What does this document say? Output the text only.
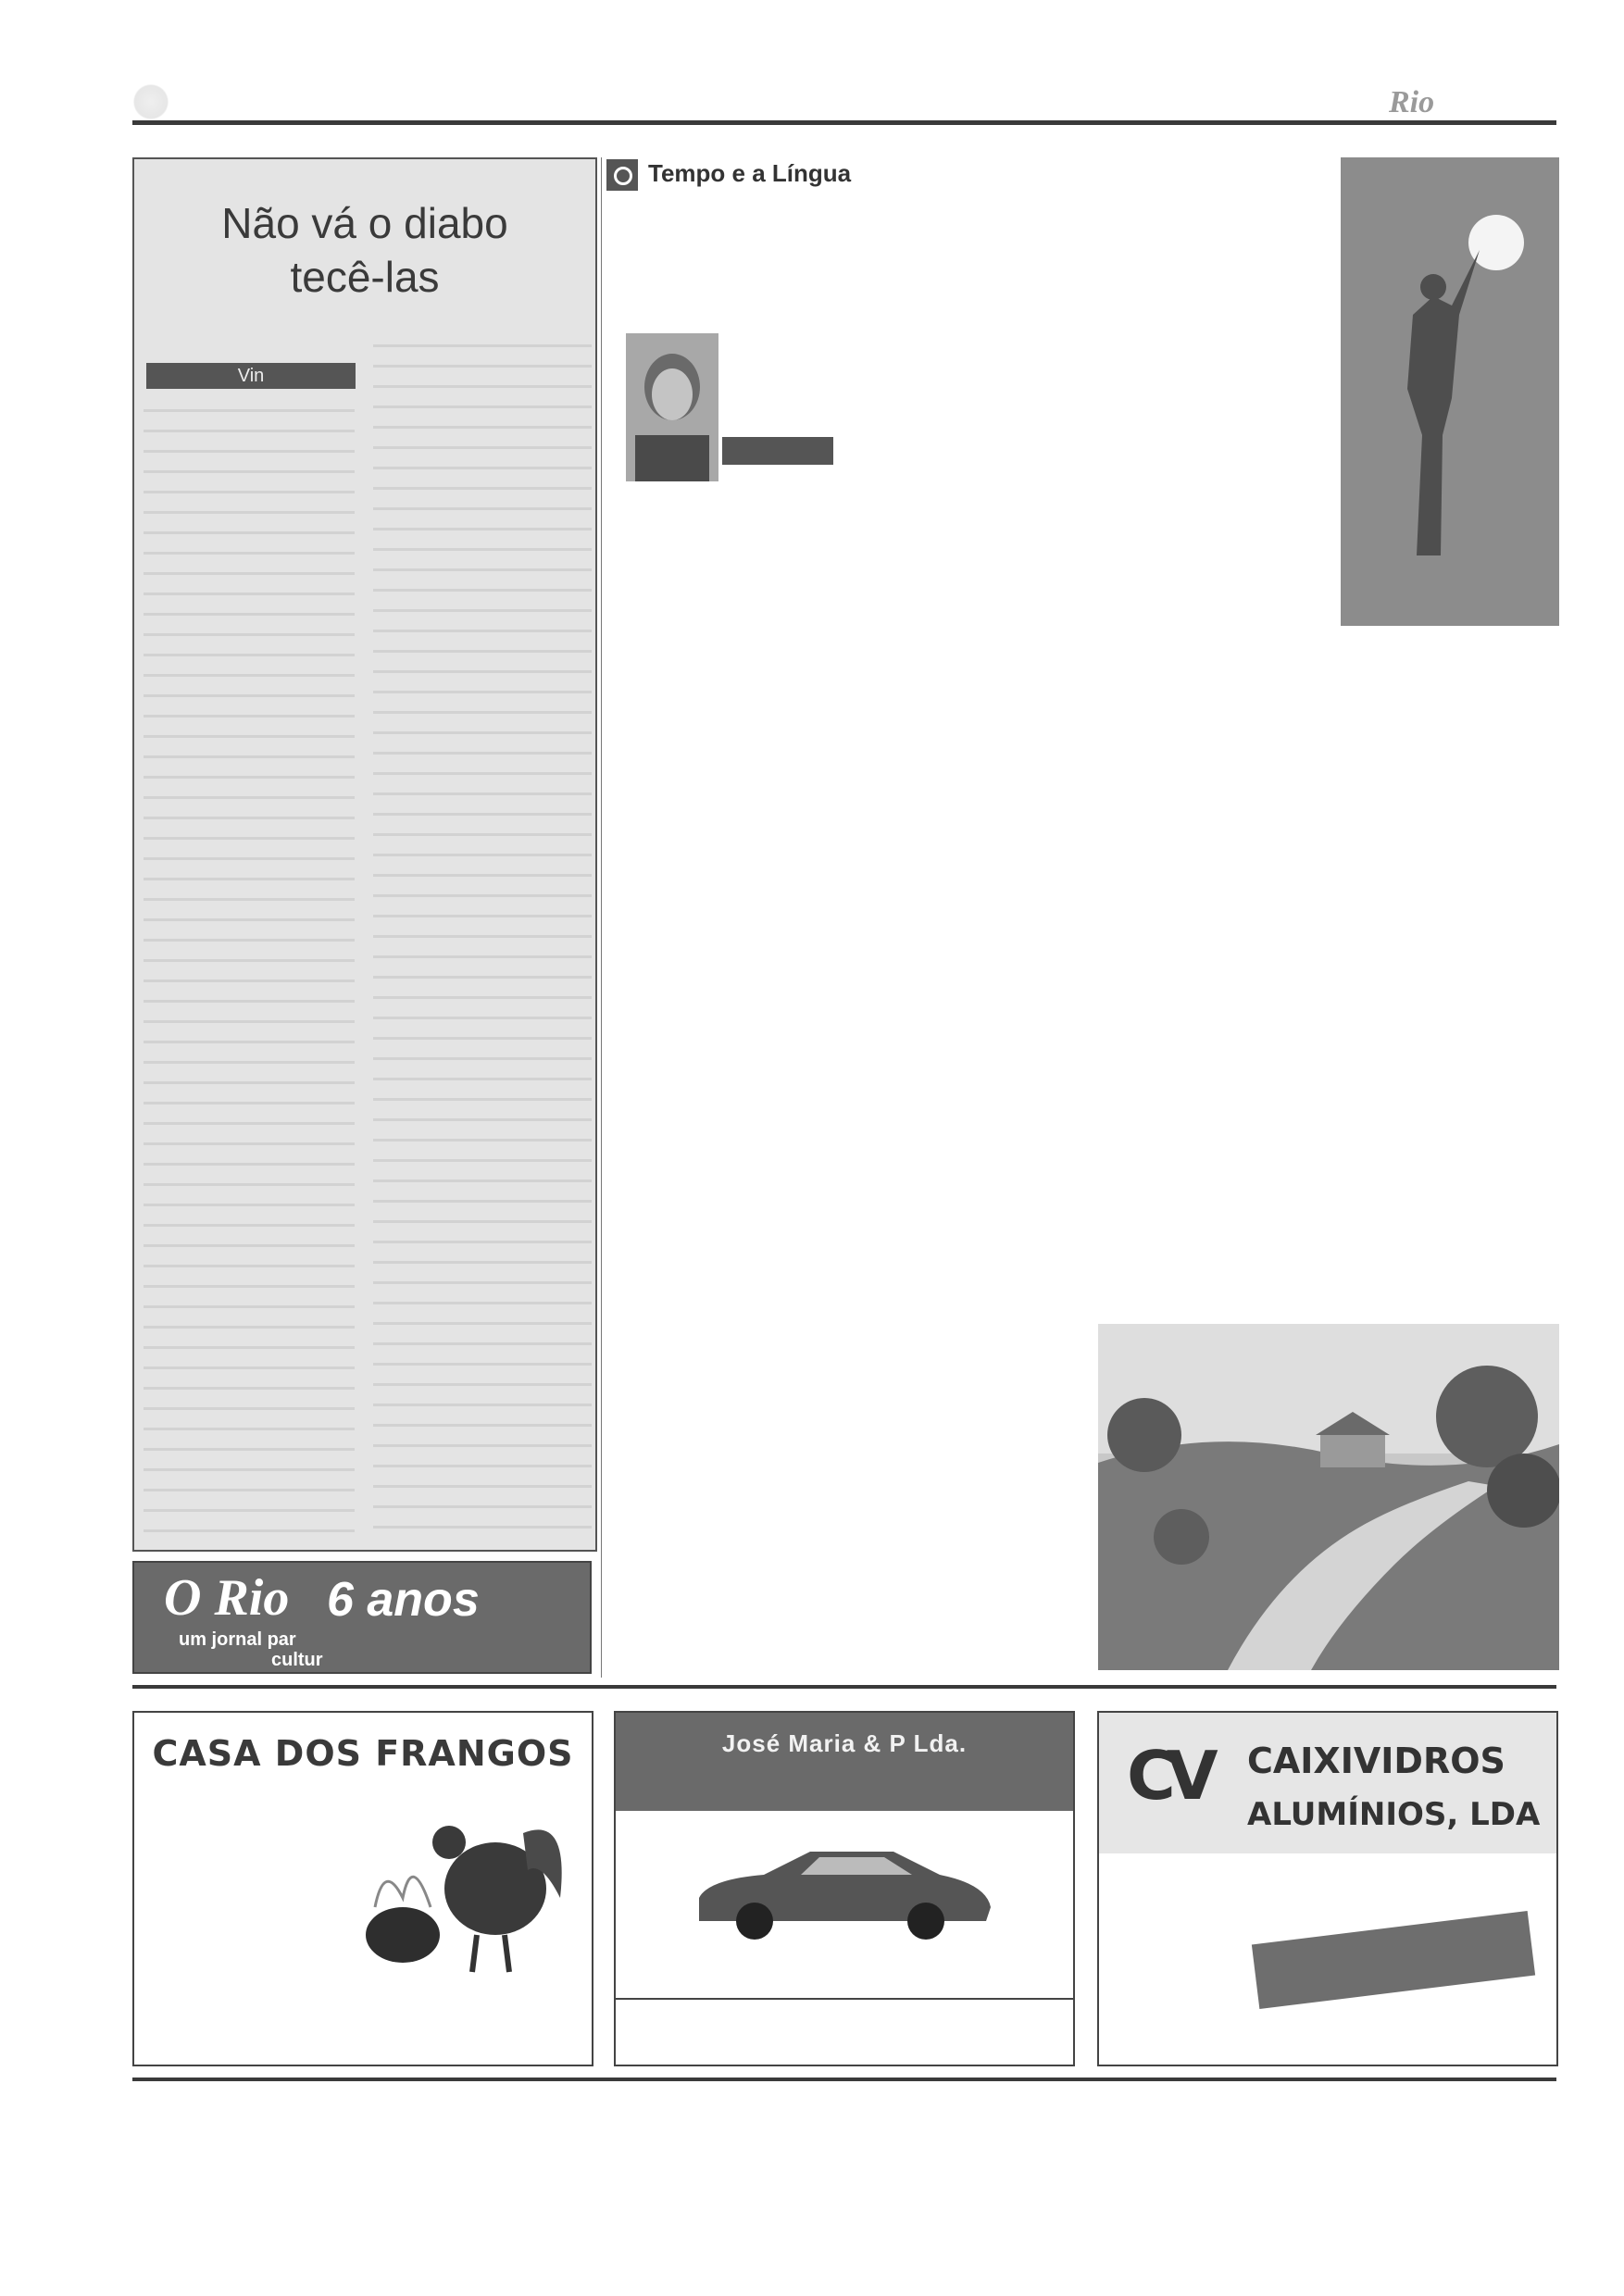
Rio
Não vá o diabo
tecê-las
Vin
O Rio 6 anos
um jornal par
cultur
Tempo e a Língua
CASA DOS FRANGOS	José Maria & P Lda.	CV CAIXIVIDROS
ALUMÍNIOS, LDA
